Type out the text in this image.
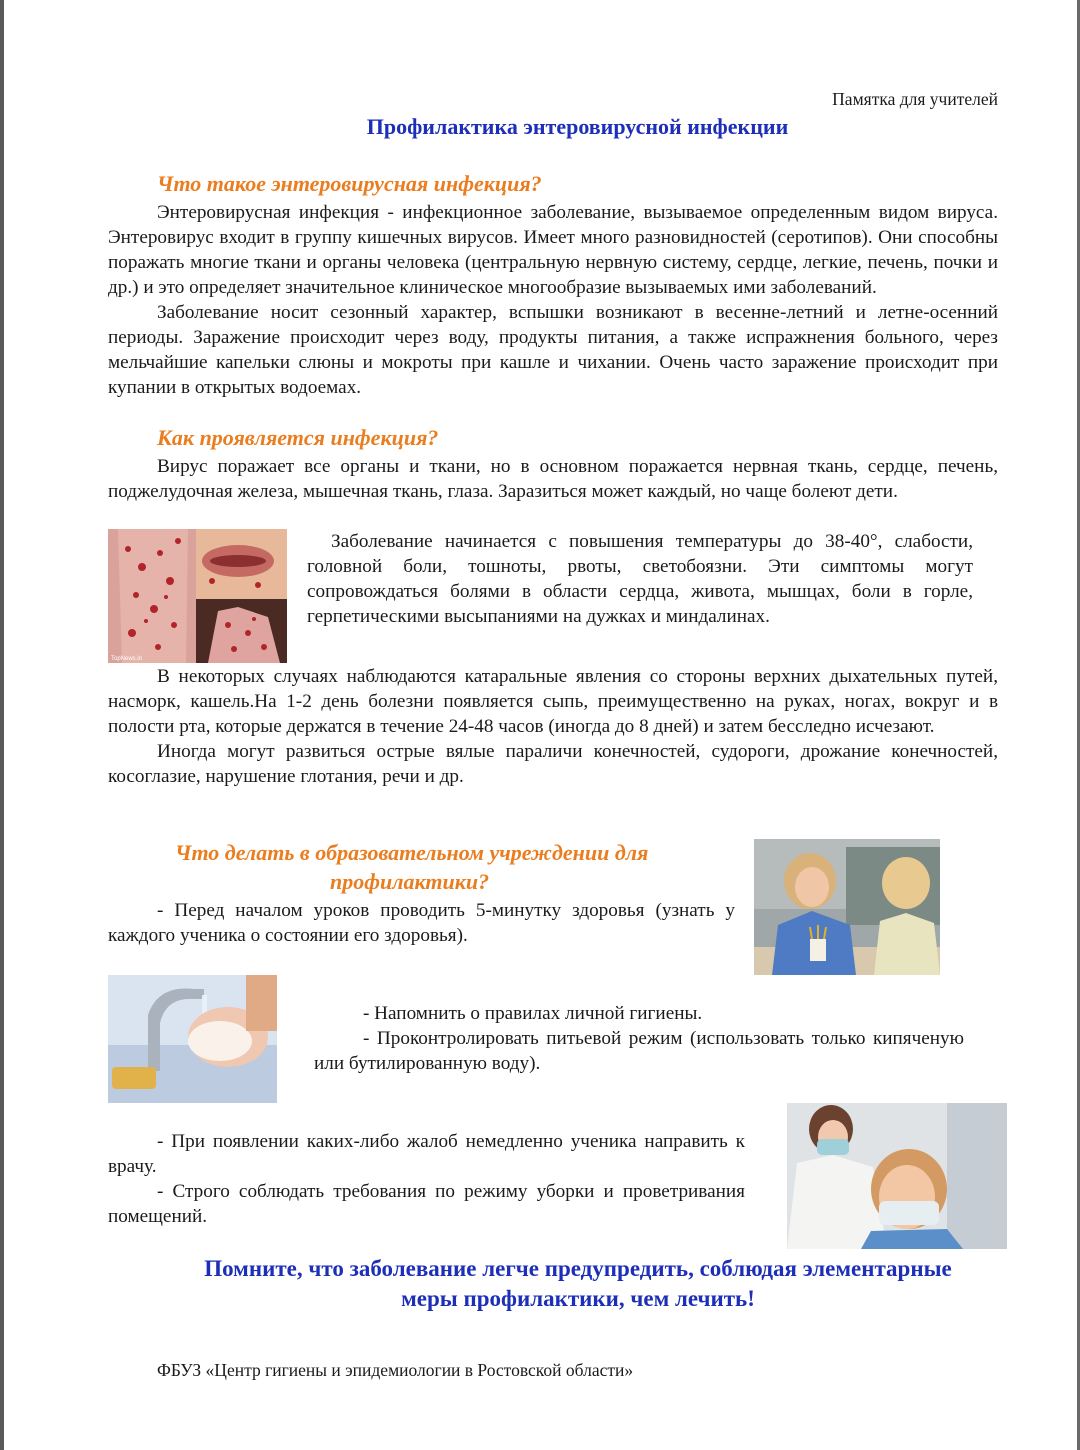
Памятка для учителей
Профилактика энтеровирусной инфекции
Что такое энтеровирусная инфекция?

Энтеровирусная инфекция - инфекционное заболевание, вызываемое определенным видом вируса. Энтеровирус входит в группу кишечных вирусов. Имеет много разновидностей (серотипов). Они способны поражать многие ткани и органы человека (центральную нервную систему, сердце, легкие, печень, почки и др.) и это определяет значительное клиническое многообразие вызываемых ими заболеваний.

Заболевание носит сезонный характер, вспышки возникают в весенне-летний и летне-осенний периоды. Заражение происходит через воду, продукты питания, а также испражнения больного, через мельчайшие капельки слюны и мокроты при кашле и чихании. Очень часто заражение происходит при купании в открытых водоемах.

Как проявляется инфекция?

Вирус поражает все органы и ткани, но в основном поражается нервная ткань, сердце, печень, поджелудочная железа, мышечная ткань, глаза. Заразиться может каждый, но чаще болеют дети.

TopNews.in

Заболевание начинается с повышения температуры до 38-40°, слабости, головной боли, тошноты, рвоты, светобоязни. Эти симптомы могут сопровождаться болями в области сердца, живота, мышцах, боли в горле, герпетическими высыпаниями на дужках и миндалинах.

В некоторых случаях наблюдаются катаральные явления со стороны верхних дыхательных путей, насморк, кашель.На 1-2 день болезни появляется сыпь, преимущественно на руках, ногах, вокруг и в полости рта, которые держатся в течение 24-48 часов (иногда до 8 дней) и затем бесследно исчезают.

Иногда могут развиться острые вялые параличи конечностей, судороги, дрожание конечностей, косоглазие, нарушение глотания, речи и др.

Что делать в образовательном учреждении для
профилактики?

- Перед началом уроков проводить 5-минутку здоровья (узнать у каждого ученика о состоянии его здоровья).

- Напомнить о правилах личной гигиены.

- Проконтролировать питьевой режим (использовать только кипяченую или бутилированную воду).

- При появлении каких-либо жалоб немедленно ученика направить к врачу.

- Строго соблюдать требования по режиму уборки и проветривания помещений.

Помните, что заболевание легче предупредить, соблюдая элементарные
меры профилактики, чем лечить!
ФБУЗ «Центр гигиены и эпидемиологии в Ростовской области»
